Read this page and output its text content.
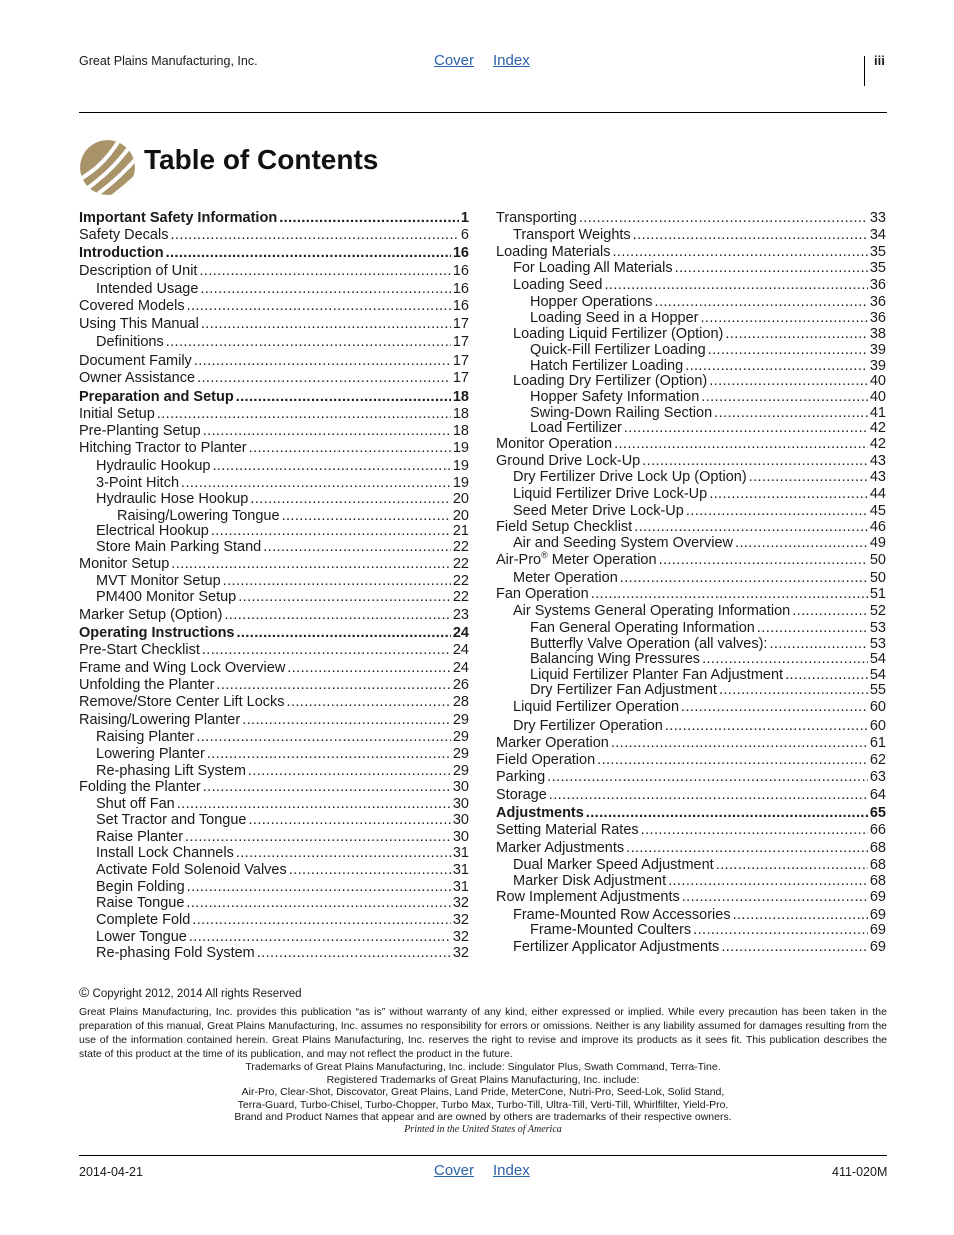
Great Plains Manufacturing, Inc.	Cover Index	iii
Table of Contents
Important Safety Information .....	1
Safety Decals .....	6
Introduction .....	16
Description of Unit .....	16
Intended Usage .....	16
Covered Models .....	16
Using This Manual .....	17
Definitions .....	17
Document Family .....	17
Owner Assistance .....	17
Preparation and Setup .....	18
Initial Setup .....	18
Pre-Planting Setup .....	18
Hitching Tractor to Planter .....	19
Hydraulic Hookup .....	19
3-Point Hitch .....	19
Hydraulic Hose Hookup .....	20
Raising/Lowering Tongue .....	20
Electrical Hookup .....	21
Store Main Parking Stand .....	22
Monitor Setup .....	22
MVT Monitor Setup .....	22
PM400 Monitor Setup .....	22
Marker Setup (Option) .....	23
Operating Instructions .....	24
Pre-Start Checklist .....	24
Frame and Wing Lock Overview .....	24
Unfolding the Planter .....	26
Remove/Store Center Lift Locks .....	28
Raising/Lowering Planter .....	29
Raising Planter .....	29
Lowering Planter .....	29
Re-phasing Lift System .....	29
Folding the Planter .....	30
Shut off Fan .....	30
Set Tractor and Tongue .....	30
Raise Planter .....	30
Install Lock Channels .....	31
Activate Fold Solenoid Valves .....	31
Begin Folding .....	31
Raise Tongue .....	32
Complete Fold .....	32
Lower Tongue .....	32
Re-phasing Fold System .....	32
Transporting .....	33
Transport Weights .....	34
Loading Materials .....	35
For Loading All Materials .....	35
Loading Seed .....	36
Hopper Operations .....	36
Loading Seed in a Hopper .....	36
Loading Liquid Fertilizer (Option) .....	38
Quick-Fill Fertilizer Loading .....	39
Hatch Fertilizer Loading .....	39
Loading Dry Fertilizer (Option) .....	40
Hopper Safety Information .....	40
Swing-Down Railing Section .....	41
Load Fertilizer .....	42
Monitor Operation .....	42
Ground Drive Lock-Up .....	43
Dry Fertilizer Drive Lock Up (Option) .....	43
Liquid Fertilizer Drive Lock-Up .....	44
Seed Meter Drive Lock-Up .....	45
Field Setup Checklist .....	46
Air and Seeding System Overview .....	49
Air-Pro® Meter Operation .....	50
Meter Operation .....	50
Fan Operation .....	51
Air Systems General Operating Information .....	52
Fan General Operating Information .....	53
Butterfly Valve Operation (all valves): .....	53
Balancing Wing Pressures .....	54
Liquid Fertilizer Planter Fan Adjustment .....	54
Dry Fertilizer Fan Adjustment .....	55
Liquid Fertilizer Operation .....	60
Dry Fertilizer Operation .....	60
Marker Operation .....	61
Field Operation .....	62
Parking .....	63
Storage .....	64
Adjustments .....	65
Setting Material Rates .....	66
Marker Adjustments .....	68
Dual Marker Speed Adjustment .....	68
Marker Disk Adjustment .....	68
Row Implement Adjustments .....	69
Frame-Mounted Row Accessories .....	69
Frame-Mounted Coulters .....	69
Fertilizer Applicator Adjustments .....	69
© Copyright 2012, 2014 All rights Reserved
Great Plains Manufacturing, Inc. provides this publication “as is” without warranty of any kind, either expressed or implied. While every precaution has been taken in the preparation of this manual, Great Plains Manufacturing, Inc. assumes no responsibility for errors or omissions. Neither is any liability assumed for damages resulting from the use of the information contained herein. Great Plains Manufacturing, Inc. reserves the right to revise and improve its products as it sees fit. This publication describes the state of this product at the time of its publication, and may not reflect the product in the future.
Trademarks of Great Plains Manufacturing, Inc. include: Singulator Plus, Swath Command, Terra-Tine.
Registered Trademarks of Great Plains Manufacturing, Inc. include:
Air-Pro, Clear-Shot, Discovator, Great Plains, Land Pride, MeterCone, Nutri-Pro, Seed-Lok, Solid Stand,
Terra-Guard, Turbo-Chisel, Turbo-Chopper, Turbo Max, Turbo-Till, Ultra-Till, Verti-Till, Whirlfilter, Yield-Pro.
Brand and Product Names that appear and are owned by others are trademarks of their respective owners.
Printed in the United States of America
2014-04-21	Cover Index	411-020M
